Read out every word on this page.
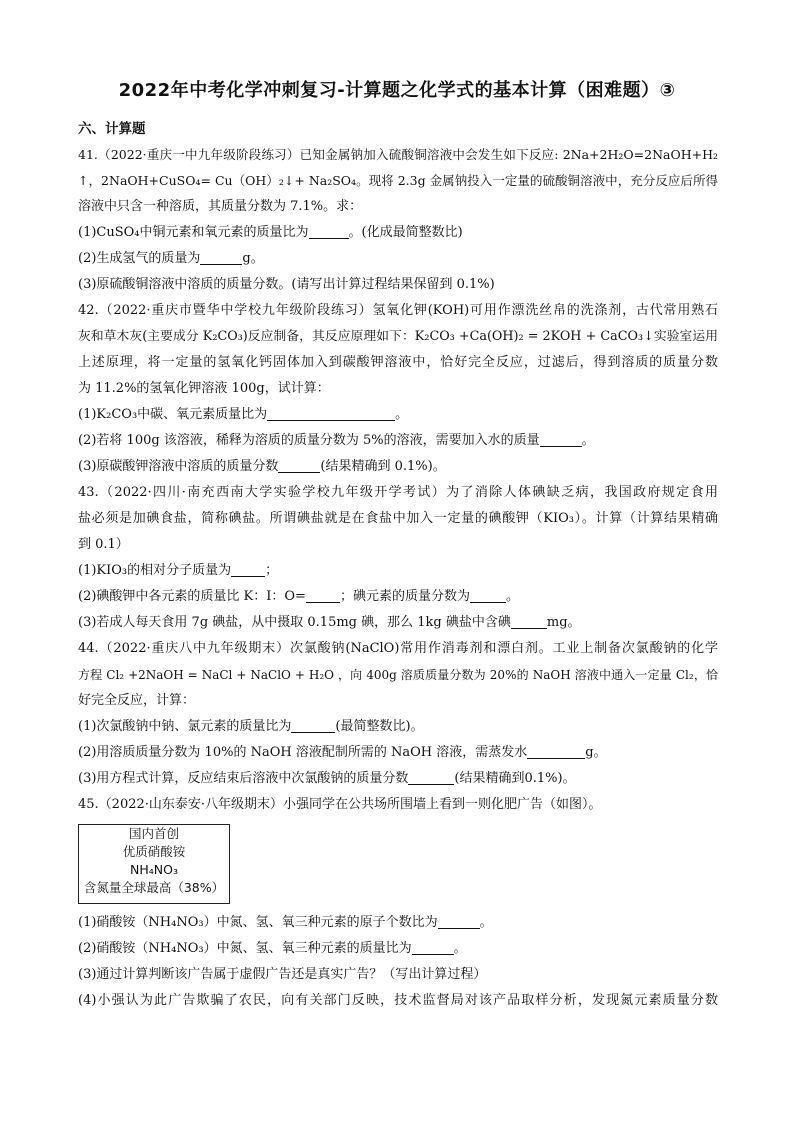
2022年中考化学冲刺复习-计算题之化学式的基本计算（困难题）③
六、计算题
41.（2022·重庆一中九年级阶段练习）已知金属钠加入硫酸铜溶液中会发生如下反应: 2Na+2H₂O=2NaOH+H₂
↑，2NaOH+CuSO₄= Cu（OH）₂↓+ Na₂SO₄。现将 2.3g 金属钠投入一定量的硫酸铜溶液中，充分反应后所得
溶液中只含一种溶质，其质量分数为 7.1%。求：
(1)CuSO₄中铜元素和氧元素的质量比为	。(化成最简整数比)
(2)生成氢气的质量为	g。
(3)原硫酸铜溶液中溶质的质量分数。(请写出计算过程结果保留到 0.1%)
42.（2022·重庆市暨华中学校九年级阶段练习）氢氧化钾(KOH)可用作漂洗丝帛的洗涤剂，古代常用熟石
灰和草木灰(主要成分 K₂CO₃)反应制备，其反应原理如下：K₂CO₃ +Ca(OH)₂ = 2KOH + CaCO₃↓实验室运用
上述原理，将一定量的氢氧化钙固体加入到碳酸钾溶液中，恰好完全反应，过滤后，得到溶质的质量分数
为 11.2%的氢氧化钾溶液 100g，试计算：
(1)K₂CO₃中碳、氧元素质量比为	。
(2)若将 100g 该溶液，稀释为溶质的质量分数为 5%的溶液，需要加入水的质量	。
(3)原碳酸钾溶液中溶质的质量分数	(结果精确到 0.1%)。
43.（2022·四川·南充西南大学实验学校九年级开学考试）为了消除人体碘缺乏病，我国政府规定食用
盐必须是加碘食盐，简称碘盐。所谓碘盐就是在食盐中加入一定量的碘酸钾（KIO₃）。计算（计算结果精确
到 0.1）
(1)KIO₃的相对分子质量为	；
(2)碘酸钾中各元素的质量比 K：I：O=	；碘元素的质量分数为	。
(3)若成人每天食用 7g 碘盐，从中摄取 0.15mg 碘，那么 1kg 碘盐中含碘	mg。
44.（2022·重庆八中九年级期末）次氯酸钠(NaClO)常用作消毒剂和漂白剂。工业上制备次氯酸钠的化学
方程 Cl₂ +2NaOH = NaCl + NaClO + H₂O ，向 400g 溶质质量分数为 20%的 NaOH 溶液中通入一定量 Cl₂，恰
好完全反应，计算：
(1)次氯酸钠中钠、氯元素的质量比为	(最简整数比)。
(2)用溶质质量分数为 10%的 NaOH 溶液配制所需的 NaOH 溶液，需蒸发水	g。
(3)用方程式计算，反应结束后溶液中次氯酸钠的质量分数	(结果精确到0.1%)。
45.（2022·山东泰安·八年级期末）小强同学在公共场所围墙上看到一则化肥广告（如图）。
国内首创
优质硝酸铵
NH₄NO₃
含氮量全球最高（38%）
(1)硝酸铵（NH₄NO₃）中氮、氢、氧三种元素的原子个数比为	。
(2)硝酸铵（NH₄NO₃）中氮、氢、氧三种元素的质量比为	。
(3)通过计算判断该广告属于虚假广告还是真实广告？（写出计算过程）
(4)小强认为此广告欺骗了农民，向有关部门反映，技术监督局对该产品取样分析，发现氮元素质量分数
